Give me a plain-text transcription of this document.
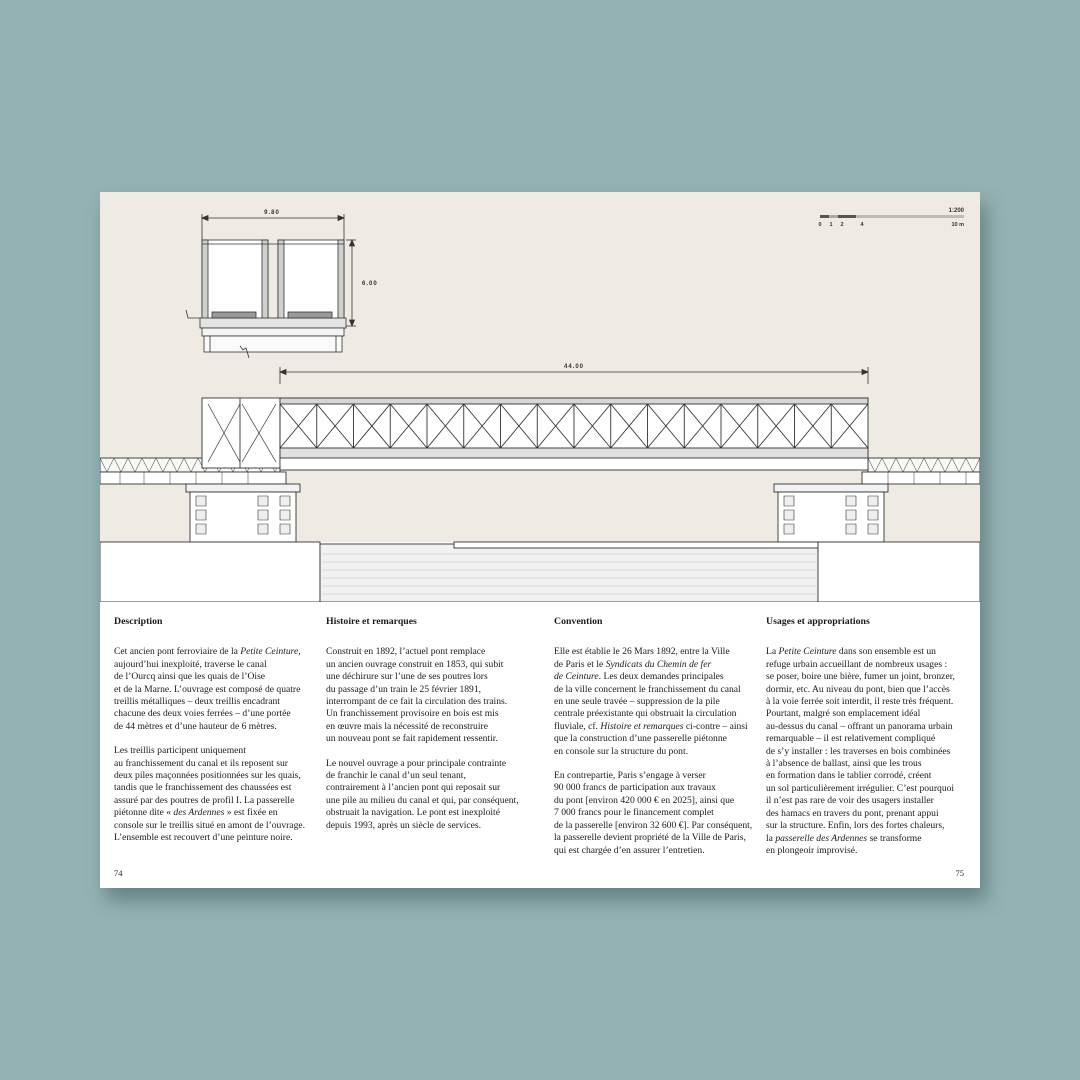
1:200
0 1 2	4	10 m
9.80
6.00
44.00
Description

Cet ancien pont ferroviaire de la Petite Ceinture,
aujourd’hui inexploité, traverse le canal
de l’Ourcq ainsi que les quais de l’Oise
et de la Marne. L’ouvrage est composé de quatre
treillis métalliques – deux treillis encadrant
chacune des deux voies ferrées – d’une portée
de 44 mètres et d’une hauteur de 6 mètres.

Les treillis participent uniquement
au franchissement du canal et ils reposent sur
deux piles maçonnées positionnées sur les quais,
tandis que le franchissement des chaussées est
assuré par des poutres de profil I. La passerelle
piétonne dite « des Ardennes » est fixée en
console sur le treillis situé en amont de l’ouvrage.
L’ensemble est recouvert d’une peinture noire.

Histoire et remarques

Construit en 1892, l’actuel pont remplace
un ancien ouvrage construit en 1853, qui subit
une déchirure sur l’une de ses poutres lors
du passage d’un train le 25 février 1891,
interrompant de ce fait la circulation des trains.
Un franchissement provisoire en bois est mis
en œuvre mais la nécessité de reconstruire
un nouveau pont se fait rapidement ressentir.

Le nouvel ouvrage a pour principale contrainte
de franchir le canal d’un seul tenant,
contrairement à l’ancien pont qui reposait sur
une pile au milieu du canal et qui, par conséquent,
obstruait la navigation. Le pont est inexploité
depuis 1993, après un siècle de services.

Convention

Elle est établie le 26 Mars 1892, entre la Ville
de Paris et le Syndicats du Chemin de fer
de Ceinture. Les deux demandes principales
de la ville concernent le franchissement du canal
en une seule travée – suppression de la pile
centrale préexistante qui obstruait la circulation
fluviale, cf. Histoire et remarques ci-contre – ainsi
que la construction d’une passerelle piétonne
en console sur la structure du pont.

En contrepartie, Paris s’engage à verser
90 000 francs de participation aux travaux
du pont [environ 420 000 € en 2025], ainsi que
7 000 francs pour le financement complet
de la passerelle [environ 32 600 €]. Par conséquent,
la passerelle devient propriété de la Ville de Paris,
qui est chargée d’en assurer l’entretien.

Usages et appropriations

La Petite Ceinture dans son ensemble est un
refuge urbain accueillant de nombreux usages :
se poser, boire une bière, fumer un joint, bronzer,
dormir, etc. Au niveau du pont, bien que l’accès
à la voie ferrée soit interdit, il reste très fréquent.
Pourtant, malgré son emplacement idéal
au-dessus du canal – offrant un panorama urbain
remarquable – il est relativement compliqué
de s’y installer : les traverses en bois combinées
à l’absence de ballast, ainsi que les trous
en formation dans le tablier corrodé, créent
un sol particulièrement irrégulier. C’est pourquoi
il n’est pas rare de voir des usagers installer
des hamacs en travers du pont, prenant appui
sur la structure. Enfin, lors des fortes chaleurs,
la passerelle des Ardennes se transforme
en plongeoir improvisé.

74	75
